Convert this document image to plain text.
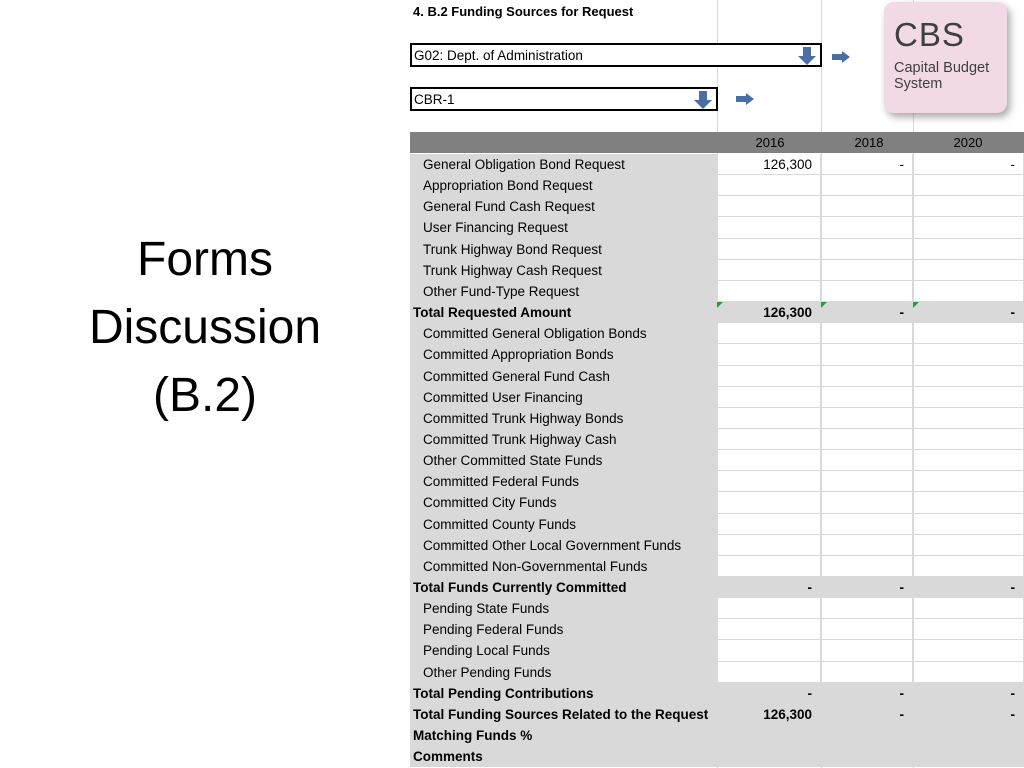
Forms
Discussion
(B.2)
4. B.2 Funding Sources for Request
G02: Dept. of Administration
CBR-1
2016	2018	2020
General Obligation Bond Request	126,300	-	-
Appropriation Bond Request
General Fund Cash Request
User Financing Request
Trunk Highway Bond Request
Trunk Highway Cash Request
Other Fund-Type Request
Total Requested Amount	126,300	-	-
Committed General Obligation Bonds
Committed Appropriation Bonds
Committed General Fund Cash
Committed User Financing
Committed Trunk Highway Bonds
Committed Trunk Highway Cash
Other Committed State Funds
Committed Federal Funds
Committed City Funds
Committed County Funds
Committed Other Local Government Funds
Committed Non-Governmental Funds
Total Funds Currently Committed	-	-	-
Pending State Funds
Pending Federal Funds
Pending Local Funds
Other Pending Funds
Total Pending Contributions	-	-	-
Total Funding Sources Related to the Request	126,300	-	-
Matching Funds %
Comments
CBS
Capital Budget
System
